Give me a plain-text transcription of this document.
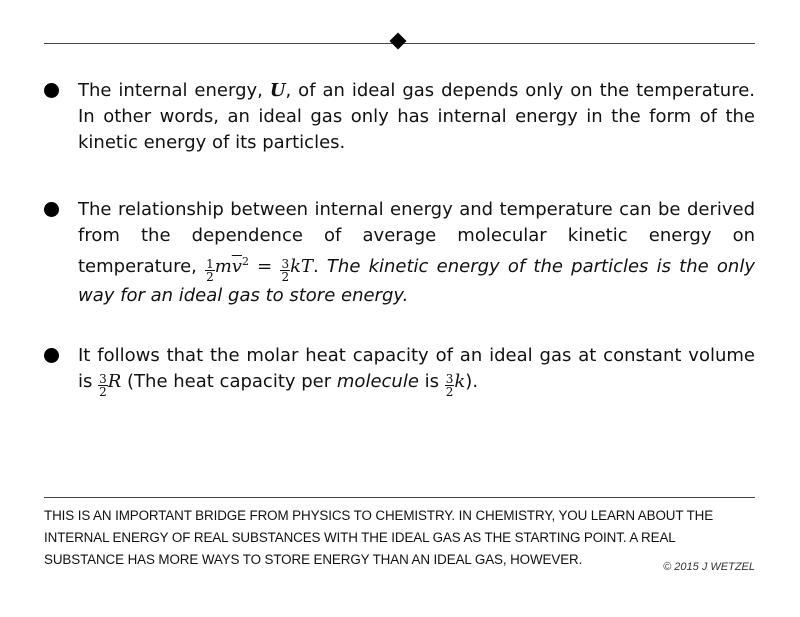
The internal energy, U, of an ideal gas depends only on the temperature. In other words, an ideal gas only has internal energy in the form of the kinetic energy of its particles.
The relationship between internal energy and temperature can be derived from the dependence of average molecular kinetic energy on temperature, $\frac{1}{2} m\overline{v}^2 = \frac{3}{2}$ kT. The kinetic energy of the particles is the only way for an ideal gas to store energy.
It follows that the molar heat capacity of an ideal gas at constant volume is $\frac{3}{2}$ R (The heat capacity per molecule is $\frac{3}{2} k$).
THIS IS AN IMPORTANT BRIDGE FROM PHYSICS TO CHEMISTRY. IN CHEMISTRY, YOU LEARN ABOUT THE INTERNAL ENERGY OF REAL SUBSTANCES WITH THE IDEAL GAS AS THE STARTING POINT. A REAL SUBSTANCE HAS MORE WAYS TO STORE ENERGY THAN AN IDEAL GAS, HOWEVER.	© 2015 J WETZEL
